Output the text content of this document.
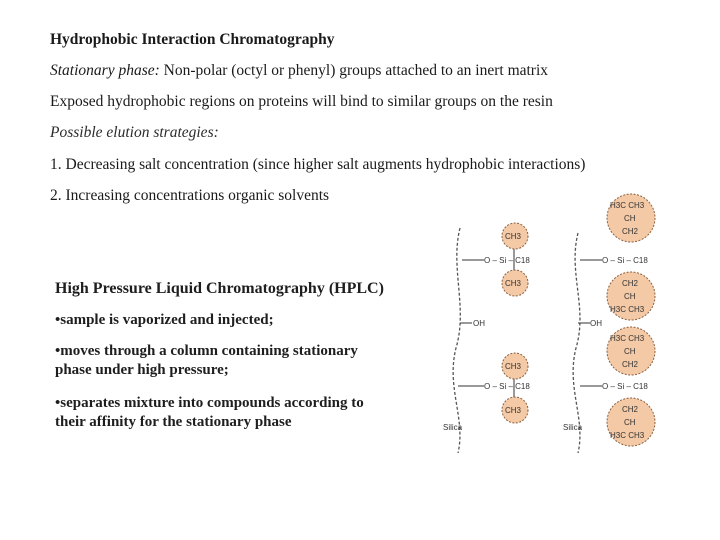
Hydrophobic Interaction Chromatography
Stationary phase: Non-polar (octyl or phenyl) groups attached to an inert matrix
Exposed hydrophobic regions on proteins will bind to similar groups on the resin
Possible elution strategies:
1. Decreasing salt concentration (since higher salt augments hydrophobic interactions)
2. Increasing concentrations organic solvents
High Pressure Liquid Chromatography (HPLC)
•sample is vaporized and injected;
•moves through a column containing stationary
phase under high pressure;
•separates mixture into compounds according to
their affinity for the stationary phase
CH3
O – Si – C18
CH3
OH
CH3
O – Si – C18
CH3
Silica
H3C CH3
CH
CH2
O – Si – C18
CH2
CH
H3C CH3
OH
H3C CH3
CH
CH2
O – Si – C18
CH2
CH
H3C CH3
Silica
